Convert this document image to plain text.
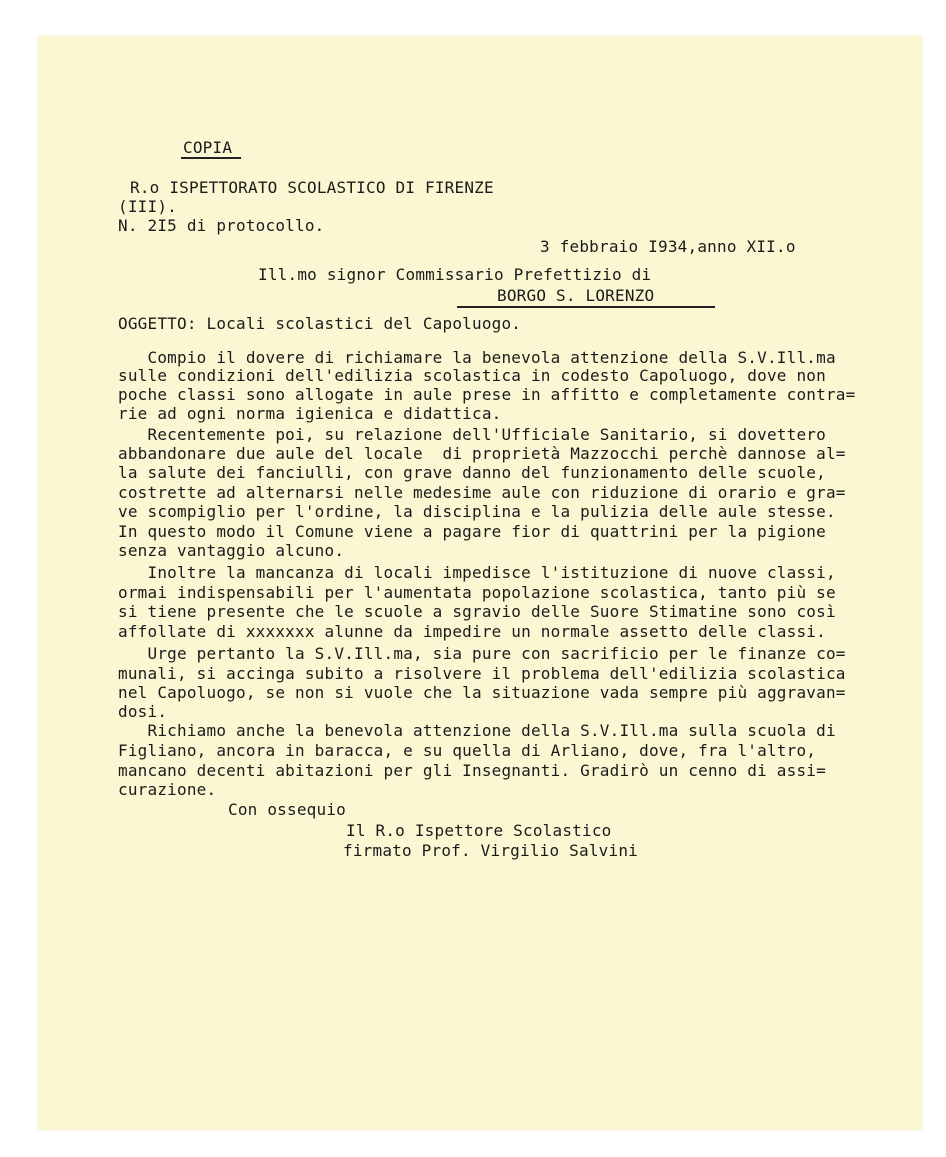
COPIA
R.o ISPETTORATO SCOLASTICO DI FIRENZE
(III).
N. 2I5 di protocollo.
3 febbraio I934,anno XII.o
Ill.mo signor Commissario Prefettizio di
BORGO S. LORENZO
OGGETTO: Locali scolastici del Capoluogo.
Compio il dovere di richiamare la benevola attenzione della S.V.Ill.ma
sulle condizioni dell'edilizia scolastica in codesto Capoluogo, dove non
poche classi sono allogate in aule prese in affitto e completamente contra=
rie ad ogni norma igienica e didattica.
Recentemente poi, su relazione dell'Ufficiale Sanitario, si dovettero
abbandonare due aule del locale  di proprietà Mazzocchi perchè dannose al=
la salute dei fanciulli, con grave danno del funzionamento delle scuole,
costrette ad alternarsi nelle medesime aule con riduzione di orario e gra=
ve scompiglio per l'ordine, la disciplina e la pulizia delle aule stesse.
In questo modo il Comune viene a pagare fior di quattrini per la pigione
senza vantaggio alcuno.
Inoltre la mancanza di locali impedisce l'istituzione di nuove classi,
ormai indispensabili per l'aumentata popolazione scolastica, tanto più se
si tiene presente che le scuole a sgravio delle Suore Stimatine sono così
affollate di xxxxxxx alunne da impedire un normale assetto delle classi.
Urge pertanto la S.V.Ill.ma, sia pure con sacrificio per le finanze co=
munali, si accinga subito a risolvere il problema dell'edilizia scolastica
nel Capoluogo, se non si vuole che la situazione vada sempre più aggravan=
dosi.
Richiamo anche la benevola attenzione della S.V.Ill.ma sulla scuola di
Figliano, ancora in baracca, e su quella di Arliano, dove, fra l'altro,
mancano decenti abitazioni per gli Insegnanti. Gradirò un cenno di assi=
curazione.
Con ossequio
Il R.o Ispettore Scolastico
firmato Prof. Virgilio Salvini
